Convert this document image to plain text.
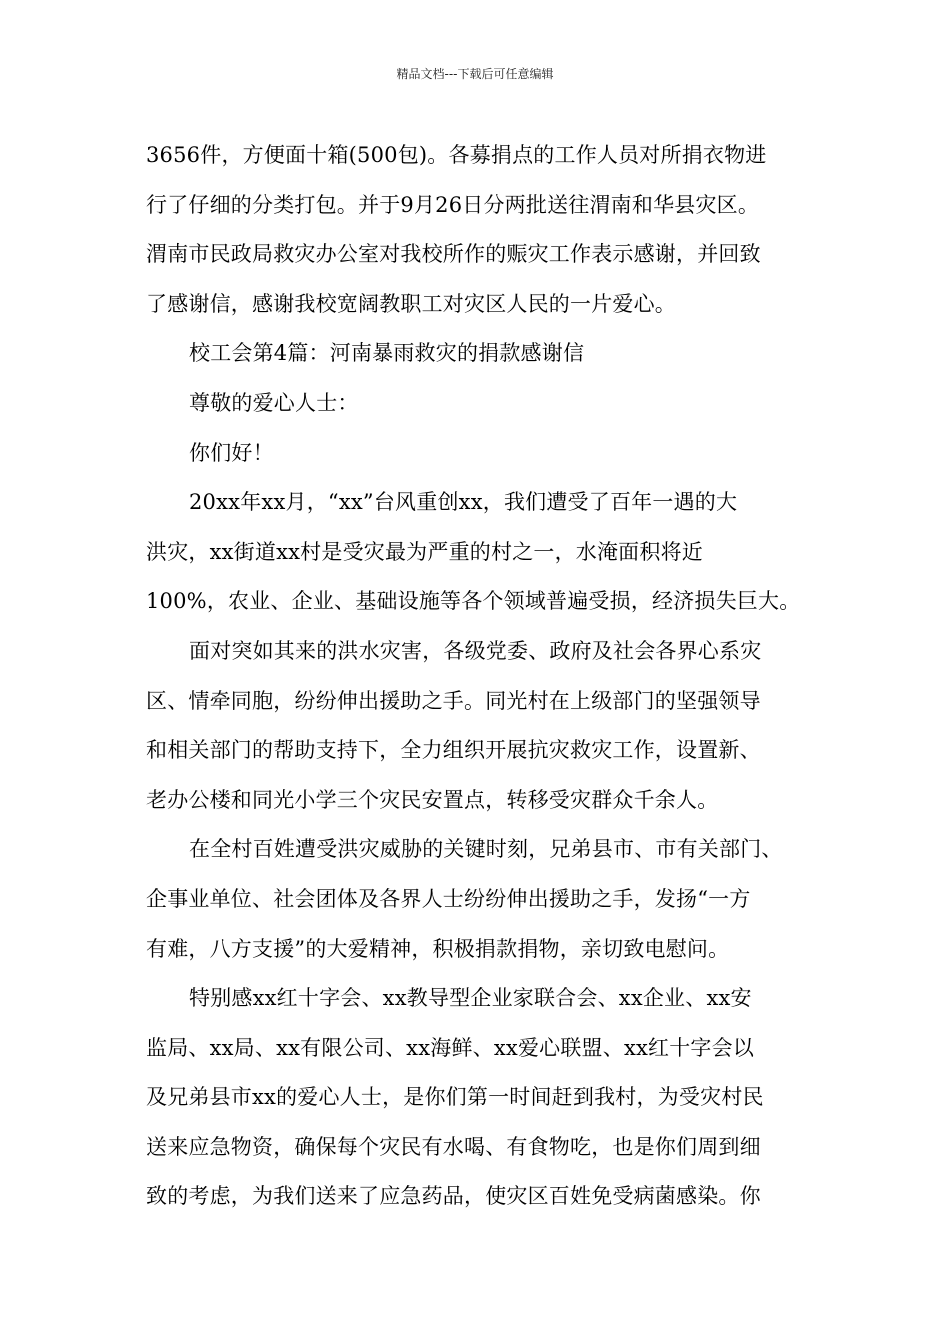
精品文档---下载后可任意编辑
3656件，方便面十箱(500包)。各募捐点的工作人员对所捐衣物进
行了仔细的分类打包。并于9月26日分两批送往渭南和华县灾区。
渭南市民政局救灾办公室对我校所作的赈灾工作表示感谢，并回致
了感谢信，感谢我校宽阔教职工对灾区人民的一片爱心。
校工会第4篇：河南暴雨救灾的捐款感谢信
尊敬的爱心人士：
你们好！
20xx年xx月，“xx”台风重创xx，我们遭受了百年一遇的大
洪灾，xx街道xx村是受灾最为严重的村之一，水淹面积将近
100%，农业、企业、基础设施等各个领域普遍受损，经济损失巨大。
面对突如其来的洪水灾害，各级党委、政府及社会各界心系灾
区、情牵同胞，纷纷伸出援助之手。同光村在上级部门的坚强领导
和相关部门的帮助支持下，全力组织开展抗灾救灾工作，设置新、
老办公楼和同光小学三个灾民安置点，转移受灾群众千余人。
在全村百姓遭受洪灾威胁的关键时刻，兄弟县市、市有关部门、
企事业单位、社会团体及各界人士纷纷伸出援助之手，发扬“一方
有难，八方支援”的大爱精神，积极捐款捐物，亲切致电慰问。
特别感xx红十字会、xx教导型企业家联合会、xx企业、xx安
监局、xx局、xx有限公司、xx海鲜、xx爱心联盟、xx红十字会以
及兄弟县市xx的爱心人士，是你们第一时间赶到我村，为受灾村民
送来应急物资，确保每个灾民有水喝、有食物吃，也是你们周到细
致的考虑，为我们送来了应急药品，使灾区百姓免受病菌感染。你
